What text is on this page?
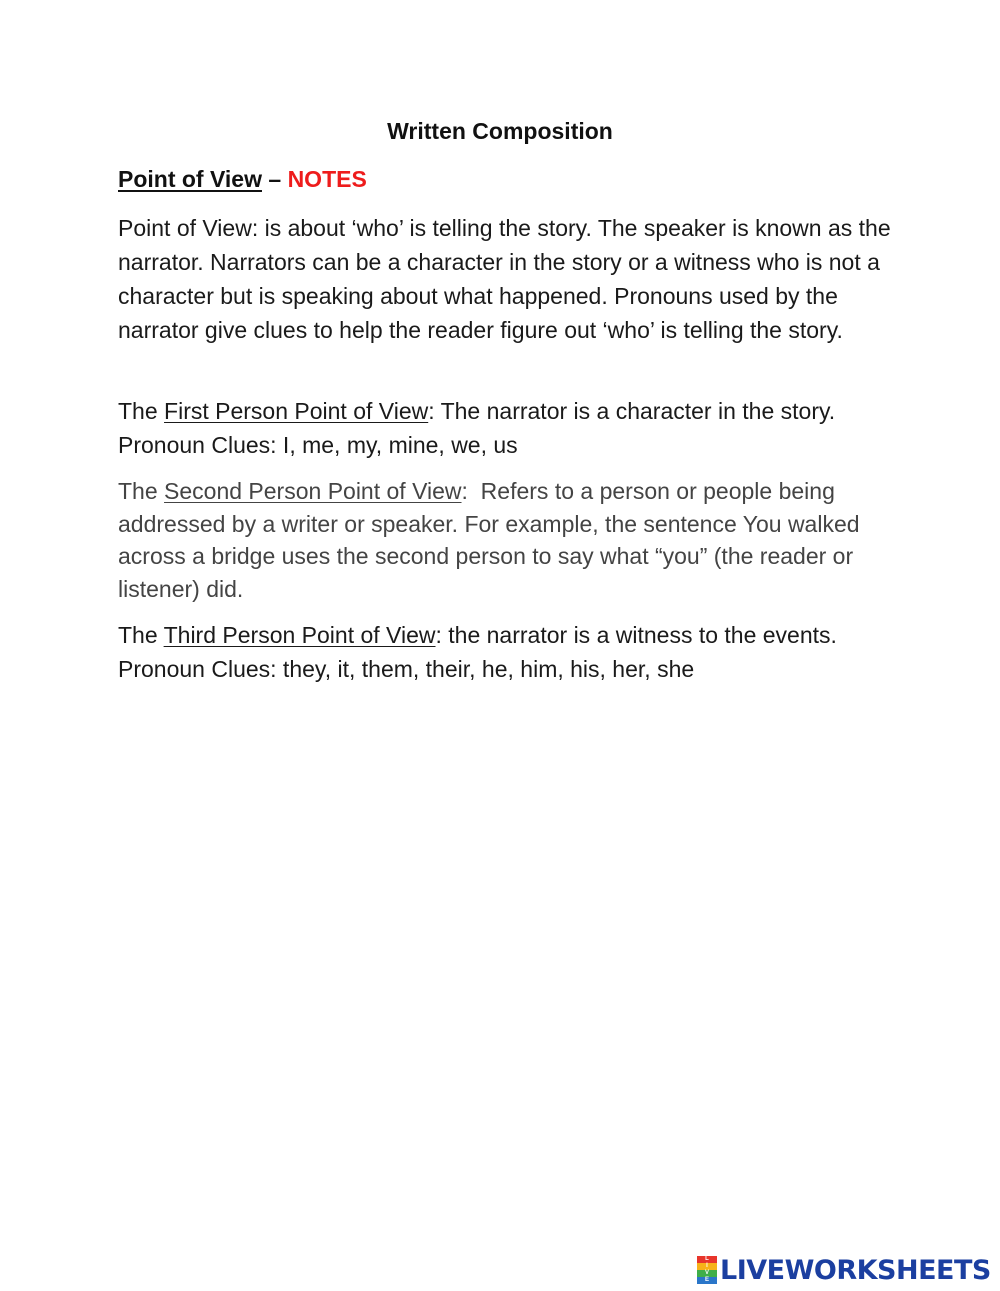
Written Composition
Point of View – NOTES
Point of View: is about ‘who’ is telling the story. The speaker is known as the narrator. Narrators can be a character in the story or a witness who is not a character but is speaking about what happened. Pronouns used by the narrator give clues to help the reader figure out ‘who’ is telling the story.
The First Person Point of View: The narrator is a character in the story. Pronoun Clues: I, me, my, mine, we, us
The Second Person Point of View:  Refers to a person or people being addressed by a writer or speaker. For example, the sentence You walked across a bridge uses the second person to say what “you” (the reader or listener) did.
The Third Person Point of View: the narrator is a witness to the events. Pronoun Clues: they, it, them, their, he, him, his, her, she
L
I
V
E LIVEWORKSHEETS
